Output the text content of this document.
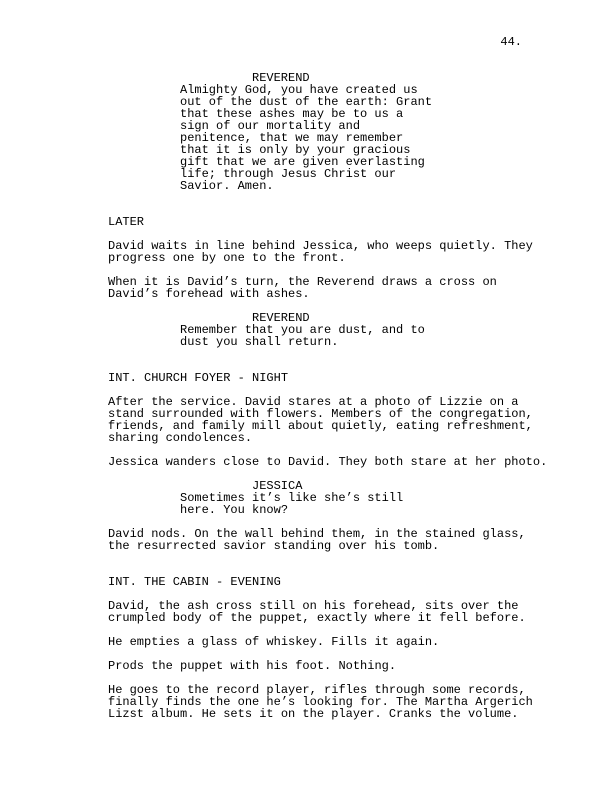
44.
REVEREND
Almighty God, you have created us
out of the dust of the earth: Grant
that these ashes may be to us a
sign of our mortality and
penitence, that we may remember
that it is only by your gracious
gift that we are given everlasting
life; through Jesus Christ our
Savior. Amen.
LATER
David waits in line behind Jessica, who weeps quietly. They
progress one by one to the front.
When it is David’s turn, the Reverend draws a cross on
David’s forehead with ashes.
REVEREND
Remember that you are dust, and to
dust you shall return.
INT. CHURCH FOYER - NIGHT
After the service. David stares at a photo of Lizzie on a
stand surrounded with flowers. Members of the congregation,
friends, and family mill about quietly, eating refreshment,
sharing condolences.
Jessica wanders close to David. They both stare at her photo.
JESSICA
Sometimes it’s like she’s still
here. You know?
David nods. On the wall behind them, in the stained glass,
the resurrected savior standing over his tomb.
INT. THE CABIN - EVENING
David, the ash cross still on his forehead, sits over the
crumpled body of the puppet, exactly where it fell before.
He empties a glass of whiskey. Fills it again.
Prods the puppet with his foot. Nothing.
He goes to the record player, rifles through some records,
finally finds the one he’s looking for. The Martha Argerich
Lizst album. He sets it on the player. Cranks the volume.
